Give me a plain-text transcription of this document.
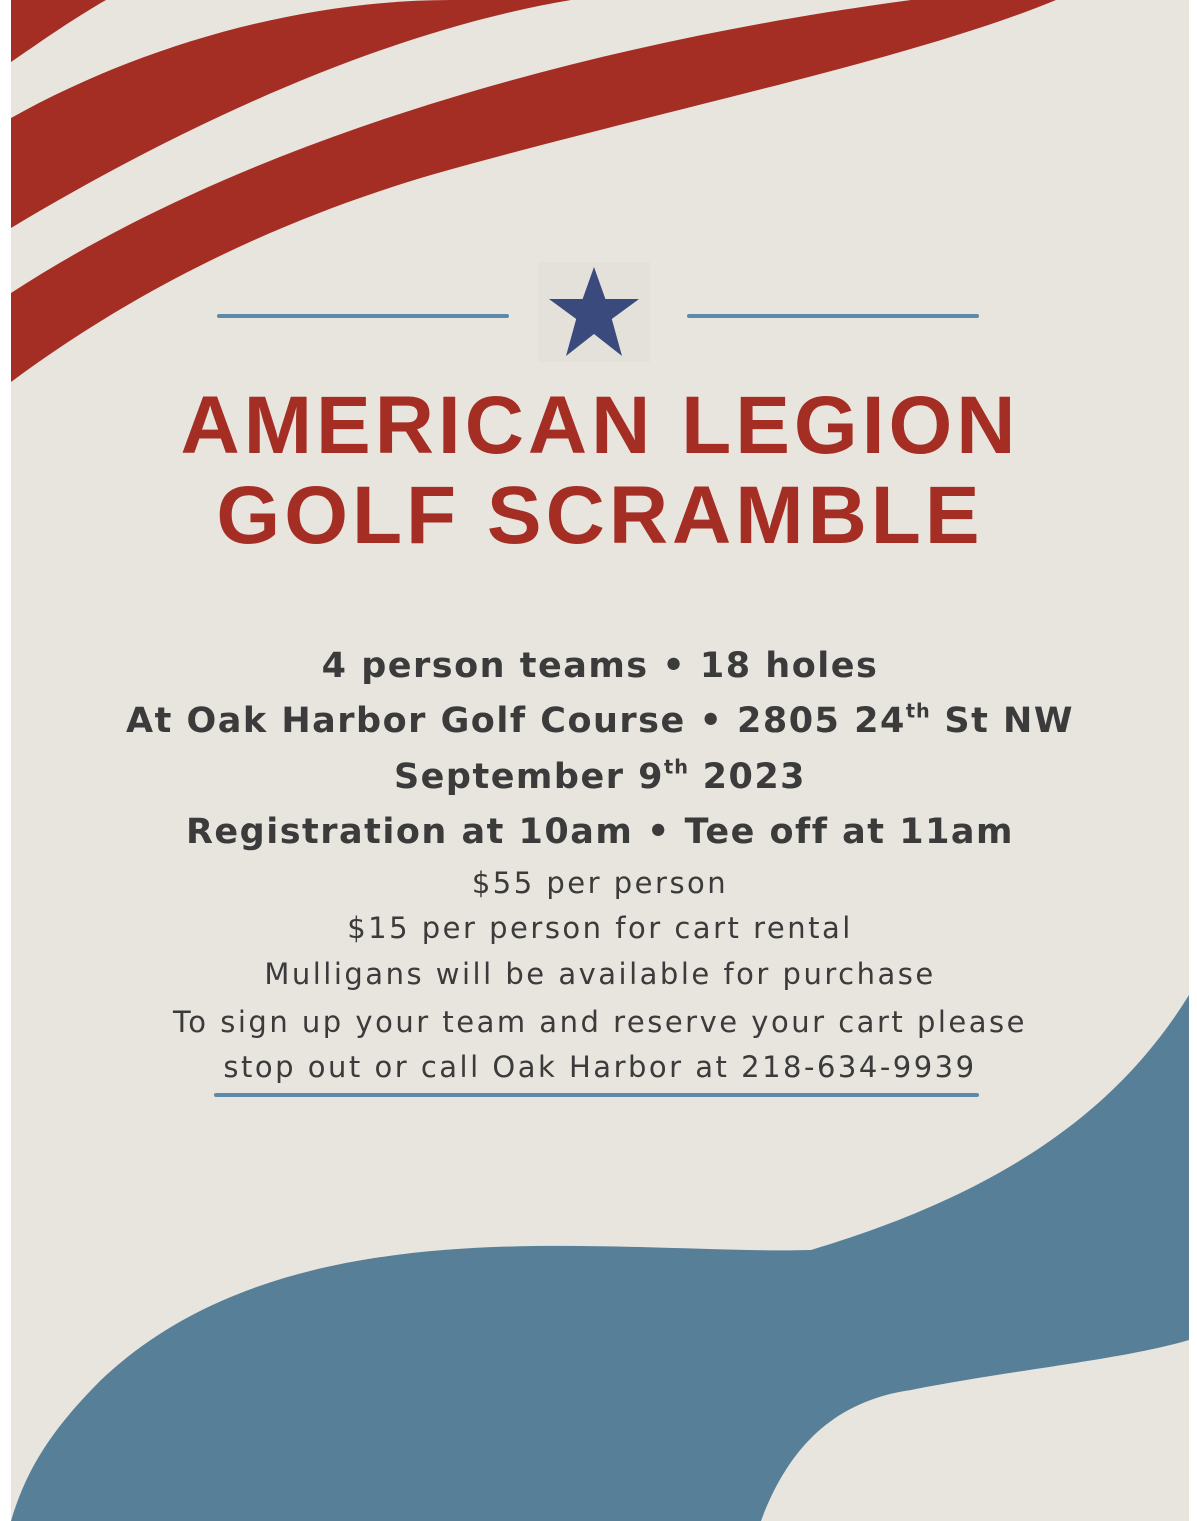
AMERICAN LEGION
GOLF SCRAMBLE
4 person teams • 18 holes
At Oak Harbor Golf Course • 2805 24th St NW
September 9th 2023
Registration at 10am • Tee off at 11am
$55 per person
$15 per person for cart rental
Mulligans will be available for purchase
To sign up your team and reserve your cart please
stop out or call Oak Harbor at 218-634-9939
